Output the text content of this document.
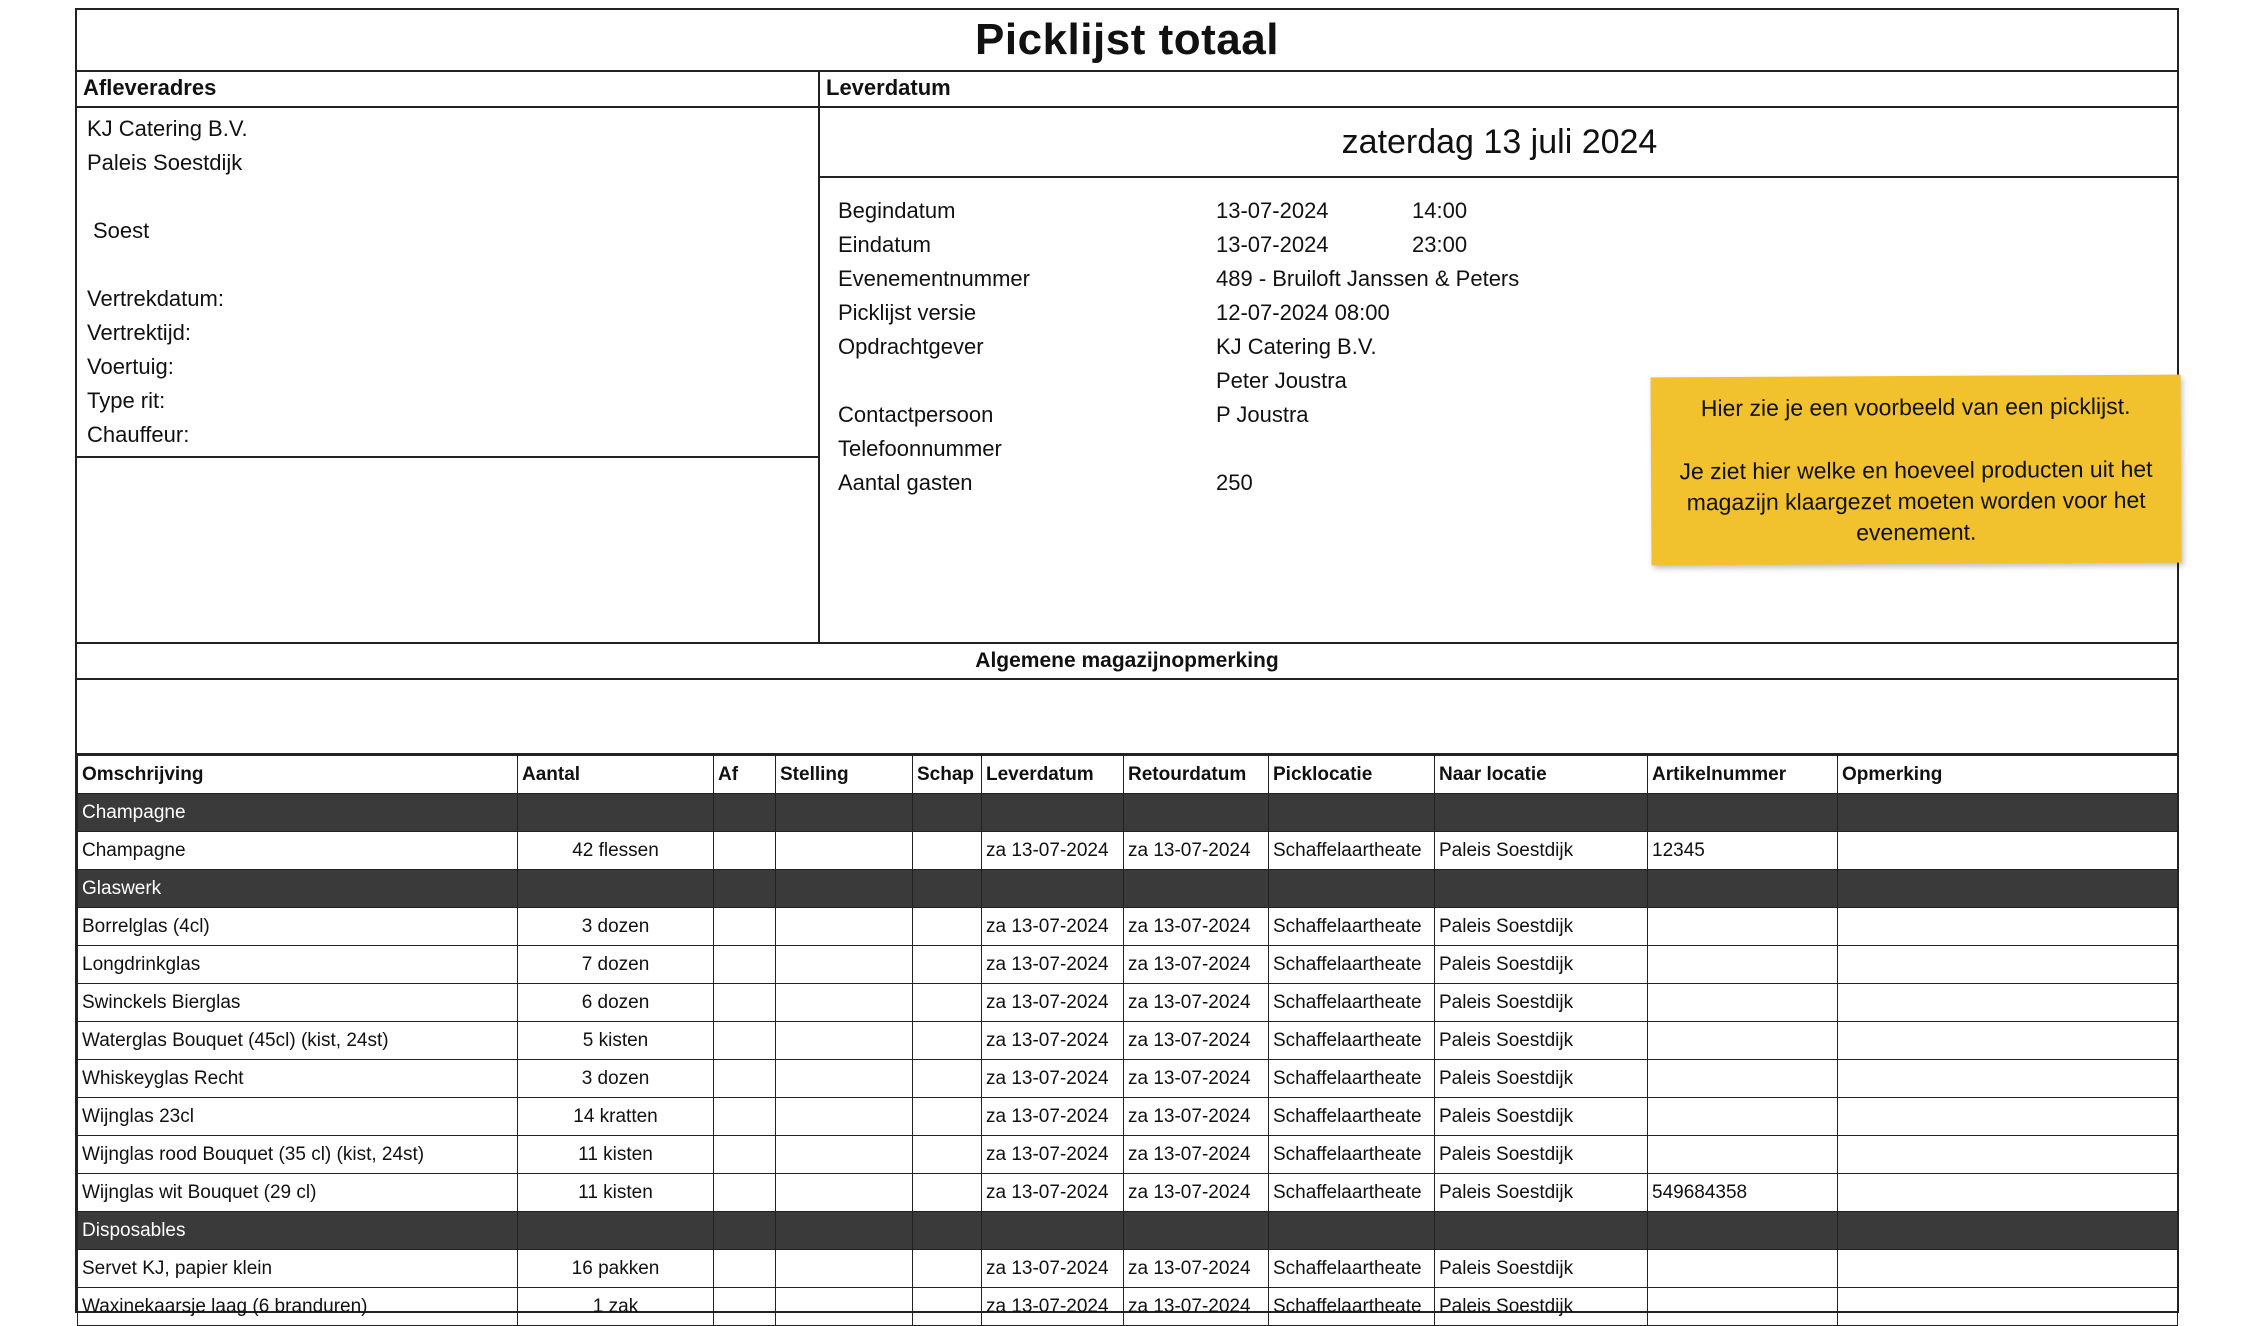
Picklijst totaal
Afleveradres
KJ Catering B.V.
Paleis Soestdijk
Soest
Vertrekdatum:
Vertrektijd:
Voertuig:
Type rit:
Chauffeur:
Leverdatum
zaterdag 13 juli 2024
Begindatum	13-07-2024	14:00
Eindatum	13-07-2024	23:00
Evenementnummer	489 - Bruiloft Janssen & Peters
Picklijst versie	12-07-2024 08:00
Opdrachtgever	KJ Catering B.V.
Peter Joustra
Contactpersoon	P Joustra
Telefoonnummer
Aantal gasten	250

Hier zie je een voorbeeld van een picklijst.

Je ziet hier welke en hoeveel producten uit het magazijn klaargezet moeten worden voor het evenement.

Algemene magazijnopmerking
Omschrijving	Aantal	Af	Stelling	Schap	Leverdatum	Retourdatum	Picklocatie	Naar locatie	Artikelnummer	Opmerking
Champagne										
Champagne	42 flessen				za 13-07-2024	za 13-07-2024	Schaffelaartheate	Paleis Soestdijk	12345	
Glaswerk										
Borrelglas (4cl)	3 dozen				za 13-07-2024	za 13-07-2024	Schaffelaartheate	Paleis Soestdijk		
Longdrinkglas	7 dozen				za 13-07-2024	za 13-07-2024	Schaffelaartheate	Paleis Soestdijk		
Swinckels Bierglas	6 dozen				za 13-07-2024	za 13-07-2024	Schaffelaartheate	Paleis Soestdijk		
Waterglas Bouquet (45cl) (kist, 24st)	5 kisten				za 13-07-2024	za 13-07-2024	Schaffelaartheate	Paleis Soestdijk		
Whiskeyglas Recht	3 dozen				za 13-07-2024	za 13-07-2024	Schaffelaartheate	Paleis Soestdijk		
Wijnglas 23cl	14 kratten				za 13-07-2024	za 13-07-2024	Schaffelaartheate	Paleis Soestdijk		
Wijnglas rood Bouquet (35 cl) (kist, 24st)	11 kisten				za 13-07-2024	za 13-07-2024	Schaffelaartheate	Paleis Soestdijk		
Wijnglas wit Bouquet (29 cl)	11 kisten				za 13-07-2024	za 13-07-2024	Schaffelaartheate	Paleis Soestdijk	549684358	
Disposables										
Servet KJ, papier klein	16 pakken				za 13-07-2024	za 13-07-2024	Schaffelaartheate	Paleis Soestdijk		
Waxinekaarsje laag (6 branduren)	1 zak				za 13-07-2024	za 13-07-2024	Schaffelaartheate	Paleis Soestdijk		
